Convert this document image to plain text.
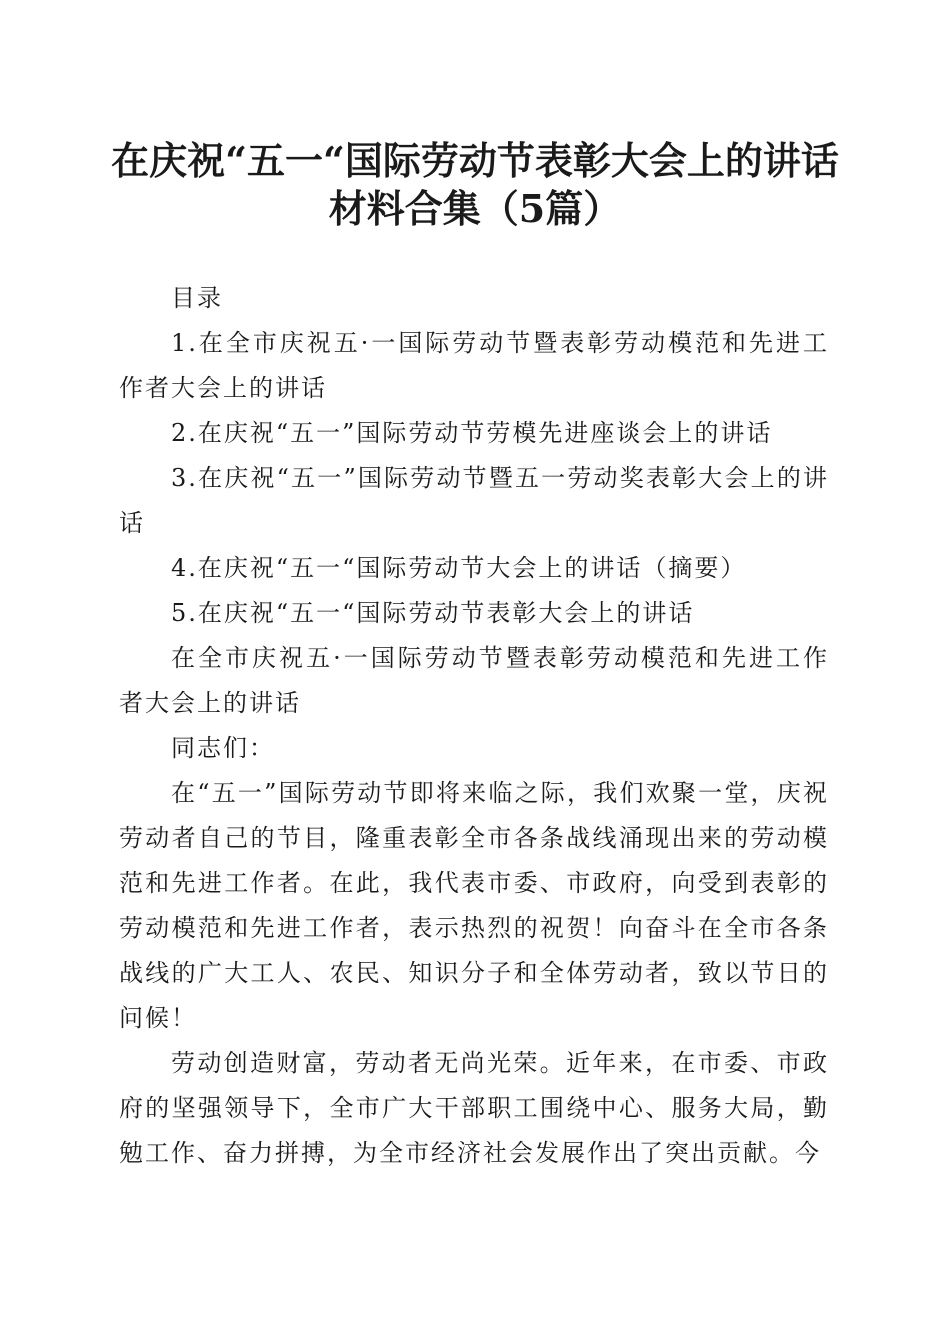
在庆祝“五一“国际劳动节表彰大会上的讲话
材料合集（5篇）

目录

1.在全市庆祝五·一国际劳动节暨表彰劳动模范和先进工作者大会上的讲话

2.在庆祝“五一”国际劳动节劳模先进座谈会上的讲话

3.在庆祝“五一”国际劳动节暨五一劳动奖表彰大会上的讲话

4.在庆祝“五一“国际劳动节大会上的讲话（摘要）

5.在庆祝“五一“国际劳动节表彰大会上的讲话

在全市庆祝五·一国际劳动节暨表彰劳动模范和先进工作者大会上的讲话

同志们：

在“五一”国际劳动节即将来临之际，我们欢聚一堂，庆祝劳动者自己的节目，隆重表彰全市各条战线涌现出来的劳动模范和先进工作者。在此，我代表市委、市政府，向受到表彰的劳动模范和先进工作者，表示热烈的祝贺！向奋斗在全市各条战线的广大工人、农民、知识分子和全体劳动者，致以节日的问候！

劳动创造财富，劳动者无尚光荣。近年来，在市委、市政府的坚强领导下，全市广大干部职工围绕中心、服务大局，勤勉工作、奋力拼搏，为全市经济社会发展作出了突出贡献。今
